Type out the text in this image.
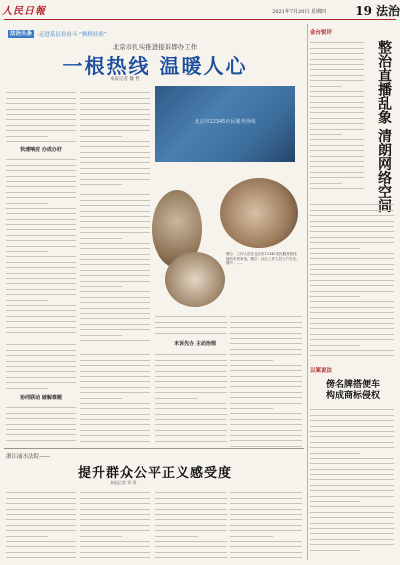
人民日報	2021年7月20日 星期四 19 法治
法治头条 ·走进基层看奋斗·“枫桥经验”
北京市扎实推进接诉即办工作
一根热线 温暖人心
本报记者 魏 哲
快速响应 办成办好
未诉先办 主动治理
协同联动 破解难题
北京市12345市民服务热线
图①：工作人员在北京市12345市民服务热线接听市民来电。图②：社区工作人员入户走访。图③：……
金台锐评
整治直播乱象 清朗网络空间
以案说法
傍名牌搭便车
构成商标侵权
浙江丽水法院——
提升群众公平正义感受度
本报记者 窦 瑶
